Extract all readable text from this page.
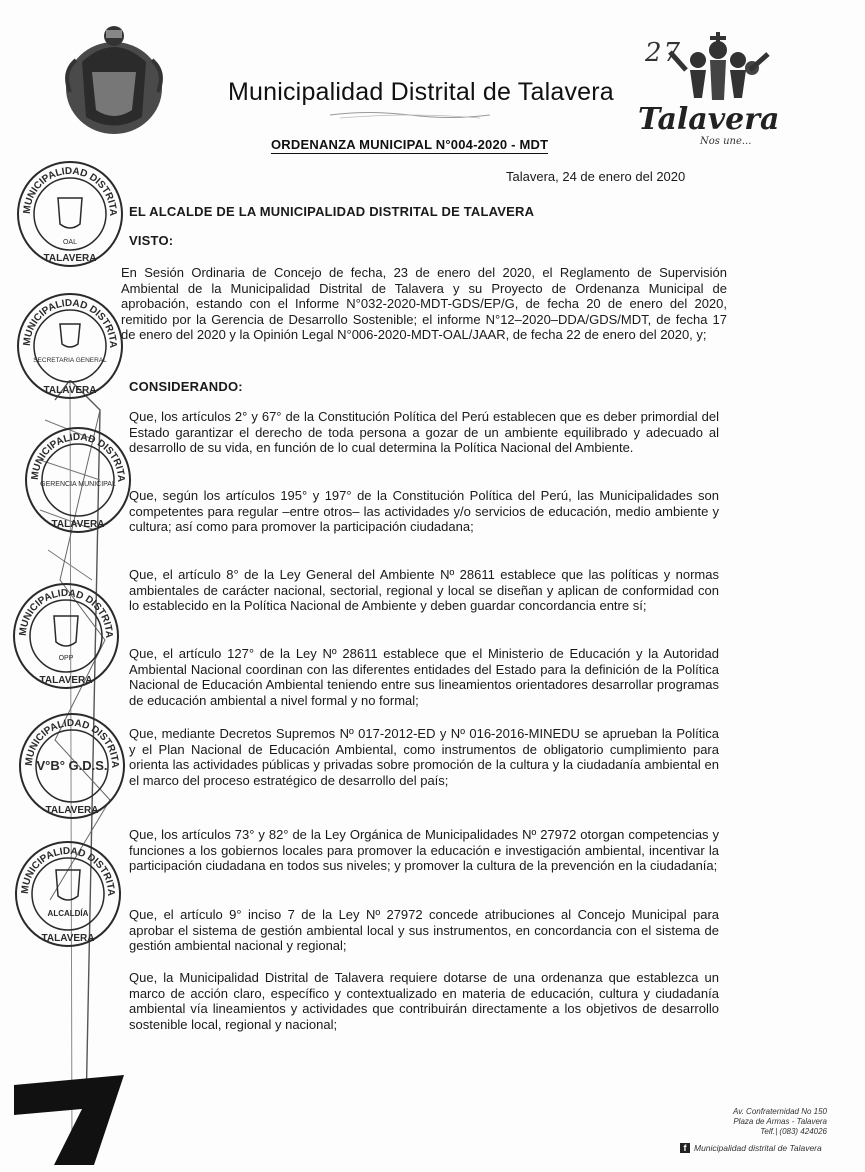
27
Municipalidad Distrital de Talavera
Talavera
Nos une...
ORDENANZA MUNICIPAL N°004-2020 - MDT
Talavera, 24 de enero del 2020
EL ALCALDE DE LA MUNICIPALIDAD DISTRITAL DE TALAVERA
VISTO:
En Sesión Ordinaria de Concejo de fecha, 23 de enero del 2020, el Reglamento de Supervisión Ambiental de la Municipalidad Distrital de Talavera y su Proyecto de Ordenanza Municipal de aprobación, estando con el Informe N°032-2020-MDT-GDS/EP/G, de fecha 20 de enero del 2020, remitido por la Gerencia de Desarrollo Sostenible; el informe N°12–2020–DDA/GDS/MDT, de fecha 17 de enero del 2020 y la Opinión Legal N°006-2020-MDT-OAL/JAAR, de fecha 22 de enero del 2020, y;
CONSIDERANDO:
Que, los artículos 2° y 67° de la Constitución Política del Perú establecen que es deber primordial del Estado garantizar el derecho de toda persona a gozar de un ambiente equilibrado y adecuado al desarrollo de su vida, en función de lo cual determina la Política Nacional del Ambiente.
Que, según los artículos 195° y 197° de la Constitución Política del Perú, las Municipalidades son competentes para regular –entre otros– las actividades y/o servicios de educación, medio ambiente y cultura; así como para promover la participación ciudadana;
Que, el artículo 8° de la Ley General del Ambiente Nº 28611 establece que las políticas y normas ambientales de carácter nacional, sectorial, regional y local se diseñan y aplican de conformidad con lo establecido en la Política Nacional de Ambiente y deben guardar concordancia entre sí;
Que, el artículo 127° de la Ley Nº 28611 establece que el Ministerio de Educación y la Autoridad Ambiental Nacional coordinan con las diferentes entidades del Estado para la definición de la Política Nacional de Educación Ambiental teniendo entre sus lineamientos orientadores desarrollar programas de educación ambiental a nivel formal y no formal;
Que, mediante Decretos Supremos Nº 017-2012-ED y Nº 016-2016-MINEDU se aprueban la Política y el Plan Nacional de Educación Ambiental, como instrumentos de obligatorio cumplimiento para orienta las actividades públicas y privadas sobre promoción de la cultura y la ciudadanía ambiental en el marco del proceso estratégico de desarrollo del país;
Que, los artículos 73° y 82° de la Ley Orgánica de Municipalidades Nº 27972 otorgan competencias y funciones a los gobiernos locales para promover la educación e investigación ambiental, incentivar la participación ciudadana en todos sus niveles; y promover la cultura de la prevención en la ciudadanía;
Que, el artículo 9° inciso 7 de la Ley Nº 27972 concede atribuciones al Concejo Municipal para aprobar el sistema de gestión ambiental local y sus instrumentos, en concordancia con el sistema de gestión ambiental nacional y regional;
Que, la Municipalidad Distrital de Talavera requiere dotarse de una ordenanza que establezca un marco de acción claro, específico y contextualizado en materia de educación, cultura y ciudadanía ambiental vía lineamientos y actividades que contribuirán directamente a los objetivos de desarrollo sostenible local, regional y nacional;
MUNICIPALIDAD DISTRITA
OAL
TALAVERA
MUNICIPALIDAD DISTRITA
SECRETARIA GENERAL
TALAVERA
MUNICIPALIDAD DISTRITA
GERENCIA MUNICIPAL
TALAVERA
MUNICIPALIDAD DISTRITA
OPP
TALAVERA
MUNICIPALIDAD DISTRITA
V°B° G.D.S.
TALAVERA
MUNICIPALIDAD DISTRITA
ALCALDÍA
TALAVERA
Av. Confraternidad No 150
Plaza de Armas - Talavera
Telf.| (083) 424026
f Municipalidad distrital de Talavera
